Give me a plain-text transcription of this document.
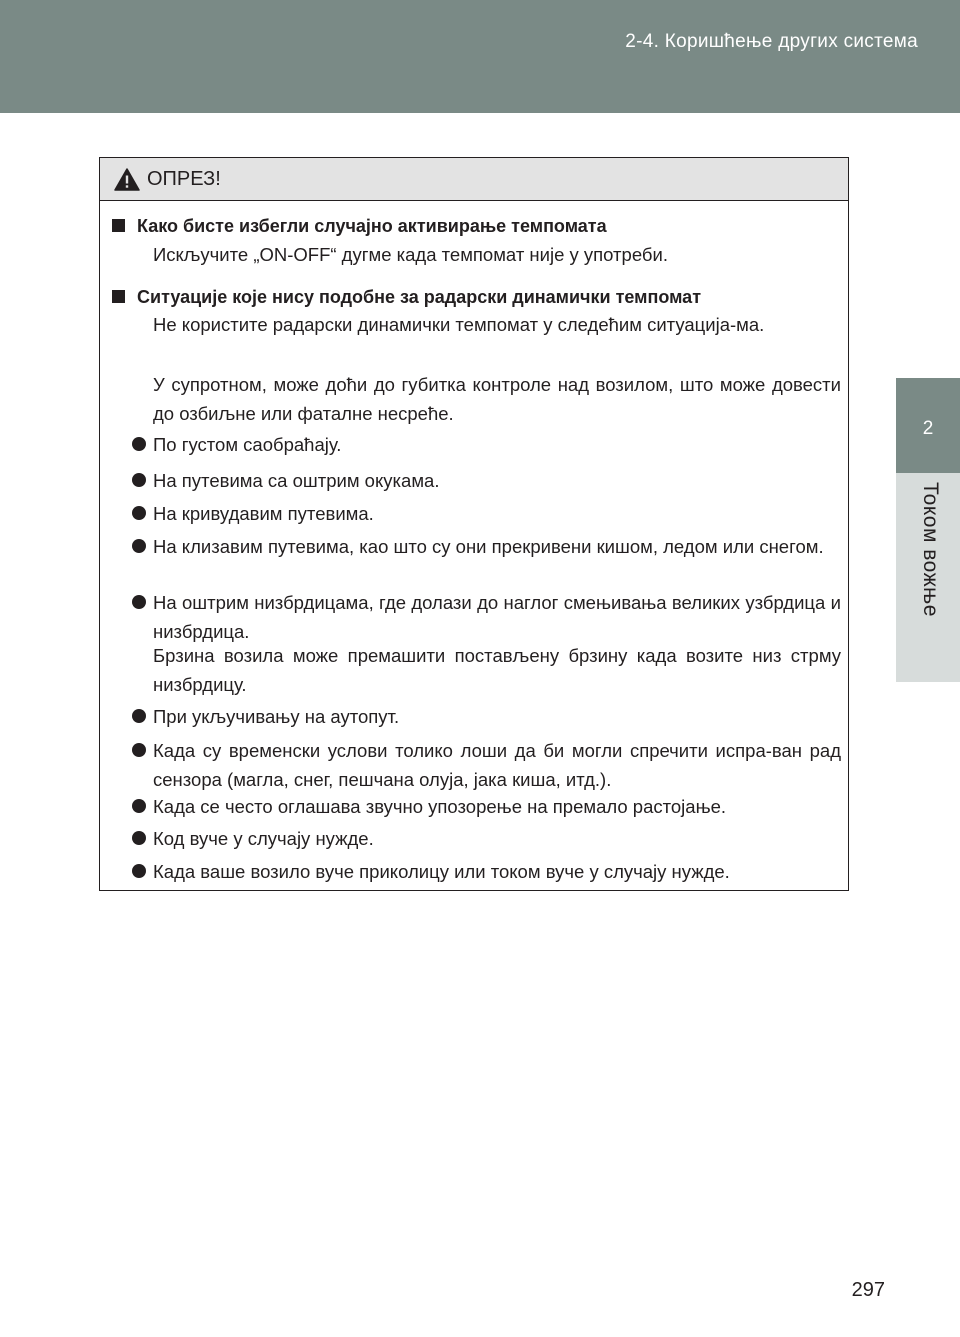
2-4. Коришћење других система
2
Током вожње
ОПРЕЗ!
Како бисте избегли случајно активирање темпомата
Искључите „ON-OFF“ дугме када темпомат није у употреби.
Ситуације које нису подобне за радарски динамички темпомат
Не користите радарски динамички темпомат у следећим ситуација-ма.
У супротном, може доћи до губитка контроле над возилом, што може довести до озбиљне или фаталне несреће.
По густом саобраћају.
На путевима са оштрим окукама.
На кривудавим путевима.
На клизавим путевима, као што су они прекривени кишом, ледом или снегом.
На оштрим низбрдицама, где долази до наглог смењивања великих узбрдица и низбрдица.
Брзина возила може премашити постављену брзину када возите низ стрму низбрдицу.
При укључивању на аутопут.
Када су временски услови толико лоши да би могли спречити испра-ван рад сензора (магла, снег, пешчана олуја, јака киша, итд.).
Када се често оглашава звучно упозорење на премало растојање.
Код вуче у случају нужде.
Када ваше возило вуче приколицу или током вуче у случају нужде.
297
